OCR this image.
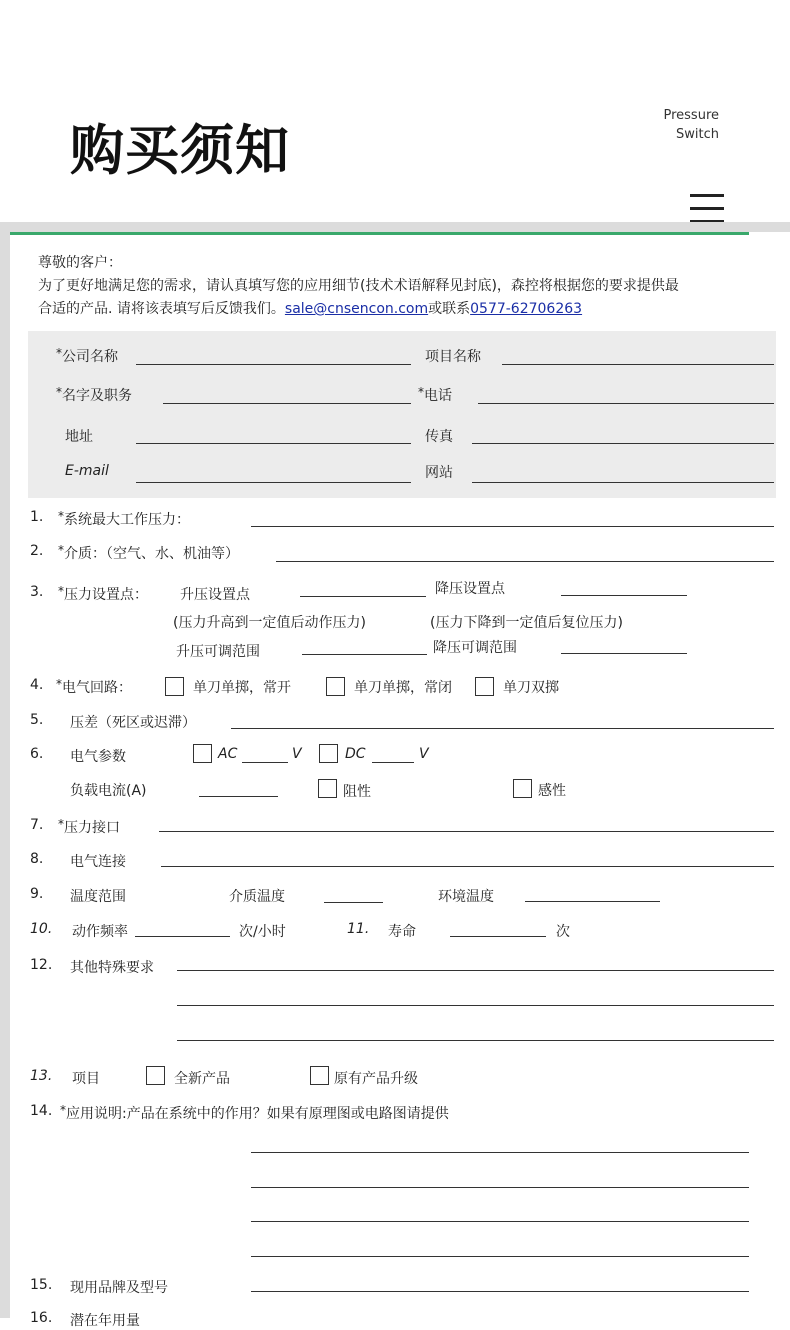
购买须知
Pressure
Switch
尊敬的客户：
为了更好地满足您的需求，请认真填写您的应用细节(技术术语解释见封底)，森控将根据您的要求提供最
合适的产品. 请将该表填写后反馈我们。sale@cnsencon.com或联系0577-62706263
*公司名称	项目名称
*名字及职务	*电话
地址	传真
E-mail	网站
1. *系统最大工作压力：
2. *介质：（空气、水、机油等）
3. *压力设置点： 升压设置点	降压设置点
(压力升高到一定值后动作压力)	(压力下降到一定值后复位压力)
升压可调范围	降压可调范围
4. *电气回路：	单刀单掷，常开	单刀单掷，常闭	单刀双掷
5. 压差（死区或迟滞）
6. 电气参数	AC	V	DC	V
负载电流(A)	阻性	感性
7. *压力接口
8. 电气连接
9. 温度范围	介质温度	环境温度
10. 动作频率	次/小时	11. 寿命	次
12. 其他特殊要求
13. 项目	全新产品	原有产品升级
14. *应用说明:产品在系统中的作用？如果有原理图或电路图请提供
15. 现用品牌及型号
16. 潜在年用量
